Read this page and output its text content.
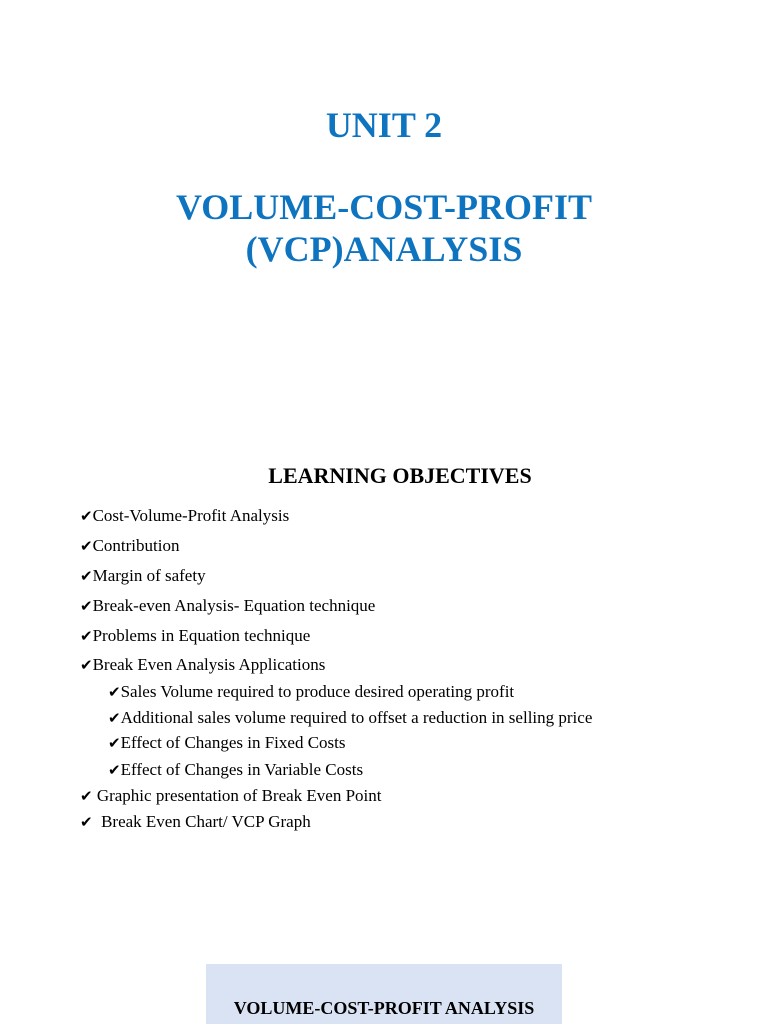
UNIT 2
VOLUME-COST-PROFIT
(VCP)ANALYSIS
LEARNING OBJECTIVES
✔Cost-Volume-Profit Analysis
✔Contribution
✔Margin of safety
✔Break-even Analysis- Equation technique
✔Problems in Equation technique
✔Break Even Analysis Applications
✔Sales Volume required to produce desired operating profit
✔Additional sales volume required to offset a reduction in selling price
✔Effect of Changes in Fixed Costs
✔Effect of Changes in Variable Costs
✔ Graphic presentation of Break Even Point
✔  Break Even Chart/ VCP Graph
VOLUME-COST-PROFIT ANALYSIS
